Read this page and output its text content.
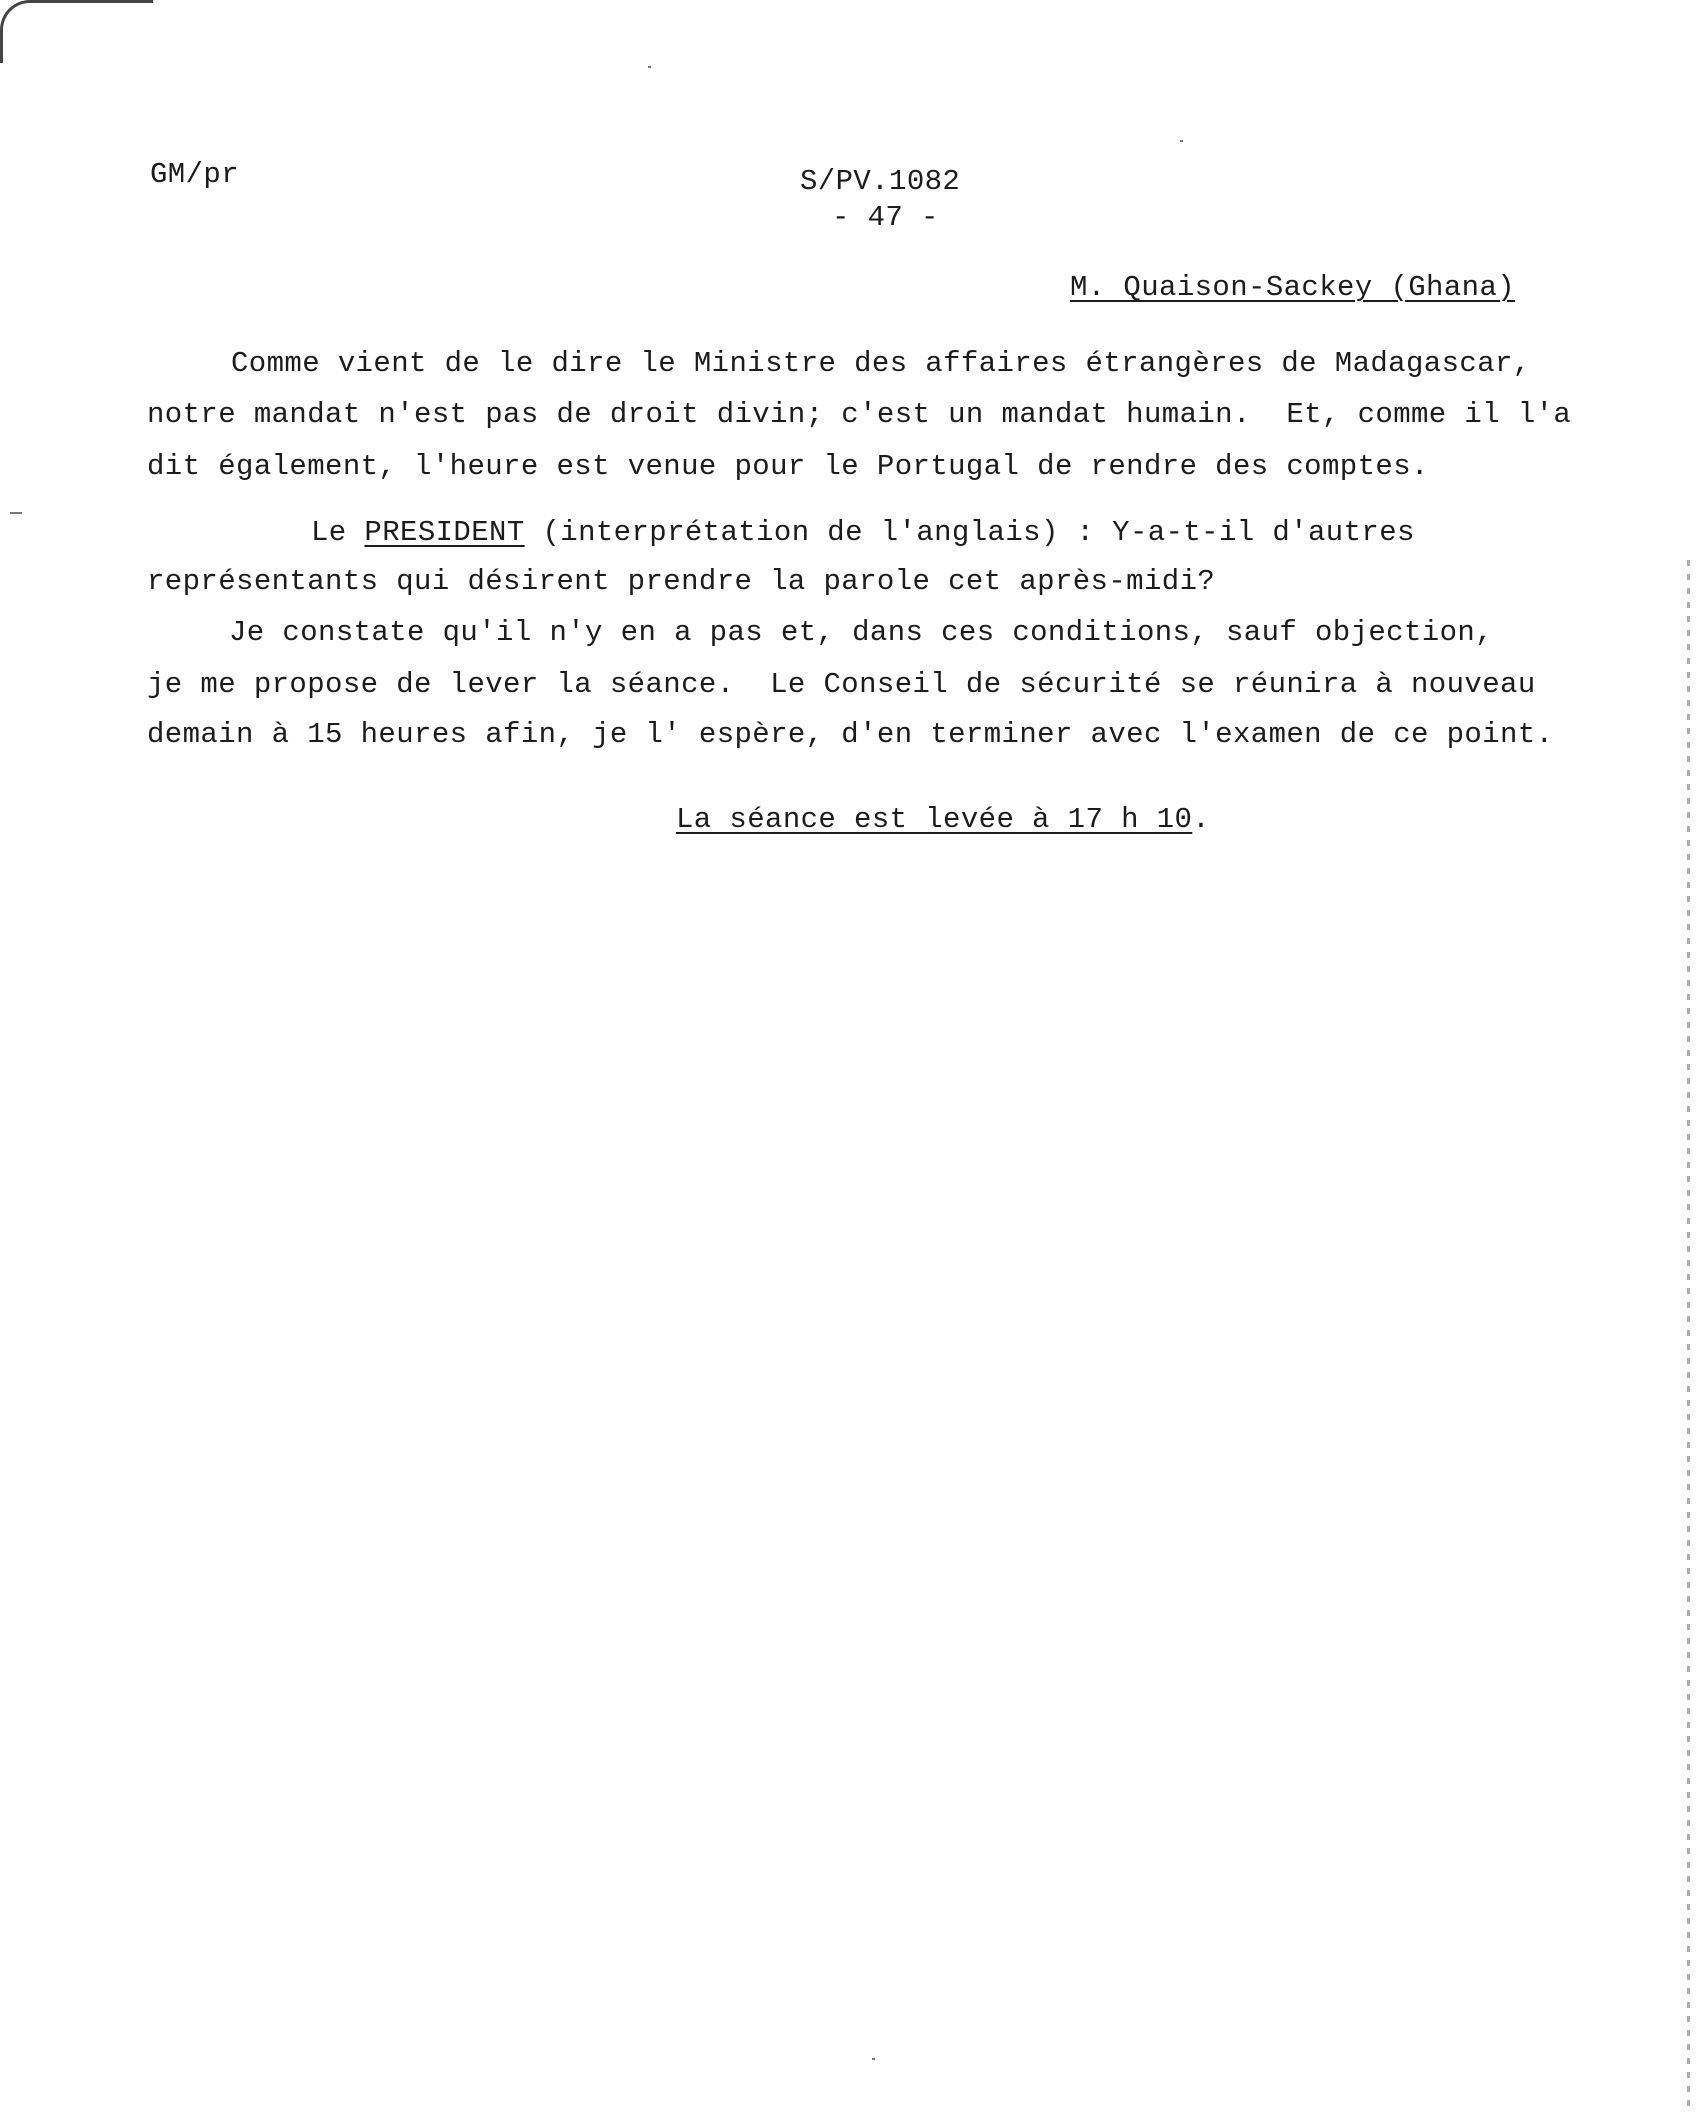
GM/pr	S/PV.1082
- 47 -
M. Quaison-Sackey (Ghana)
Comme vient de le dire le Ministre des affaires étrangères de Madagascar,
notre mandat n'est pas de droit divin; c'est un mandat humain.  Et, comme il l'a
dit également, l'heure est venue pour le Portugal de rendre des comptes.
Le PRESIDENT (interprétation de l'anglais) : Y-a-t-il d'autres
représentants qui désirent prendre la parole cet après-midi?
Je constate qu'il n'y en a pas et, dans ces conditions, sauf objection,
je me propose de lever la séance.  Le Conseil de sécurité se réunira à nouveau
demain à 15 heures afin, je l' espère, d'en terminer avec l'examen de ce point.
La séance est levée à 17 h 10.
